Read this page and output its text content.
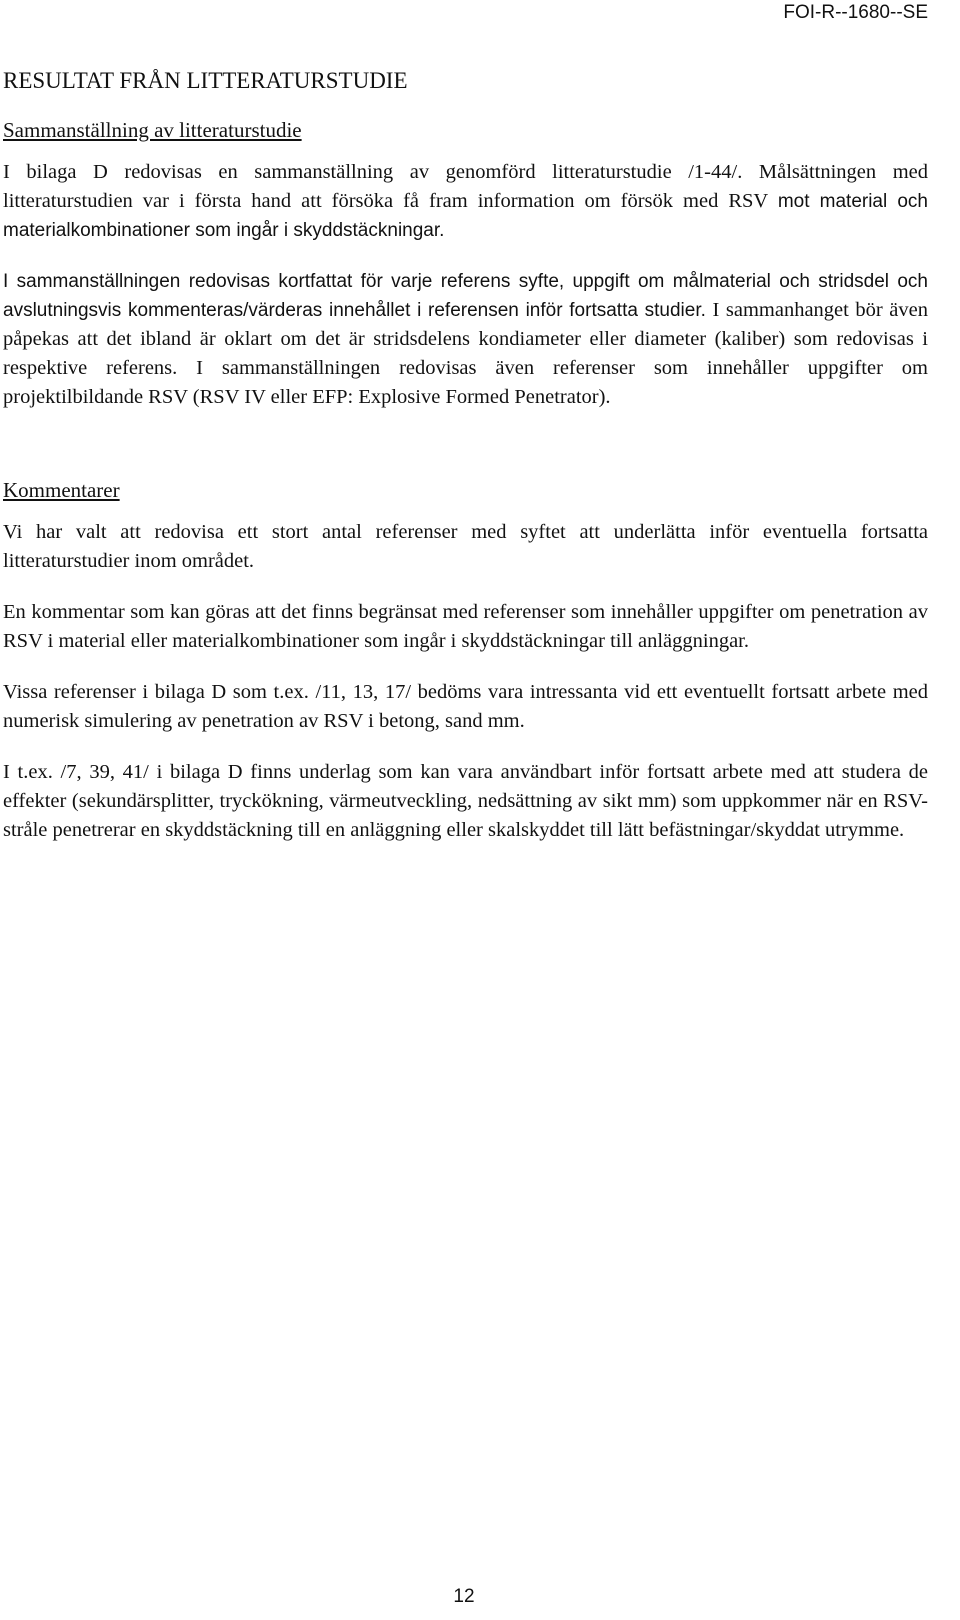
FOI-R--1680--SE
RESULTAT FRÅN LITTERATURSTUDIE
Sammanställning av litteraturstudie

I bilaga D redovisas en sammanställning av genomförd litteraturstudie /1-44/. Målsättningen med litteraturstudien var i första hand att försöka få fram information om försök med RSV mot material och materialkombinationer som ingår i skyddstäckningar.

I sammanställningen redovisas kortfattat för varje referens syfte, uppgift om målmaterial och stridsdel och avslutningsvis kommenteras/värderas innehållet i referensen inför fortsatta studier. I sammanhanget bör även påpekas att det ibland är oklart om det är stridsdelens kondiameter eller diameter (kaliber) som redovisas i respektive referens. I sammanställningen redovisas även referenser som innehåller uppgifter om projektilbildande RSV (RSV IV eller EFP: Explosive Formed Penetrator).

Kommentarer

Vi har valt att redovisa ett stort antal referenser med syftet att underlätta inför eventuella fortsatta litteraturstudier inom området.

En kommentar som kan göras att det finns begränsat med referenser som innehåller uppgifter om penetration av RSV i material eller materialkombinationer som ingår i skyddstäckningar till anläggningar.

Vissa referenser i bilaga D som t.ex. /11, 13, 17/ bedöms vara intressanta vid ett eventuellt fortsatt arbete med numerisk simulering av penetration av RSV i betong, sand mm.

I t.ex. /7, 39, 41/ i bilaga D finns underlag som kan vara användbart inför fortsatt arbete med att studera de effekter (sekundärsplitter, tryckökning, värmeutveckling, nedsättning av sikt mm) som uppkommer när en RSV-stråle penetrerar en skyddstäckning till en anläggning eller skalskyddet till lätt befästningar/skyddat utrymme.

12
